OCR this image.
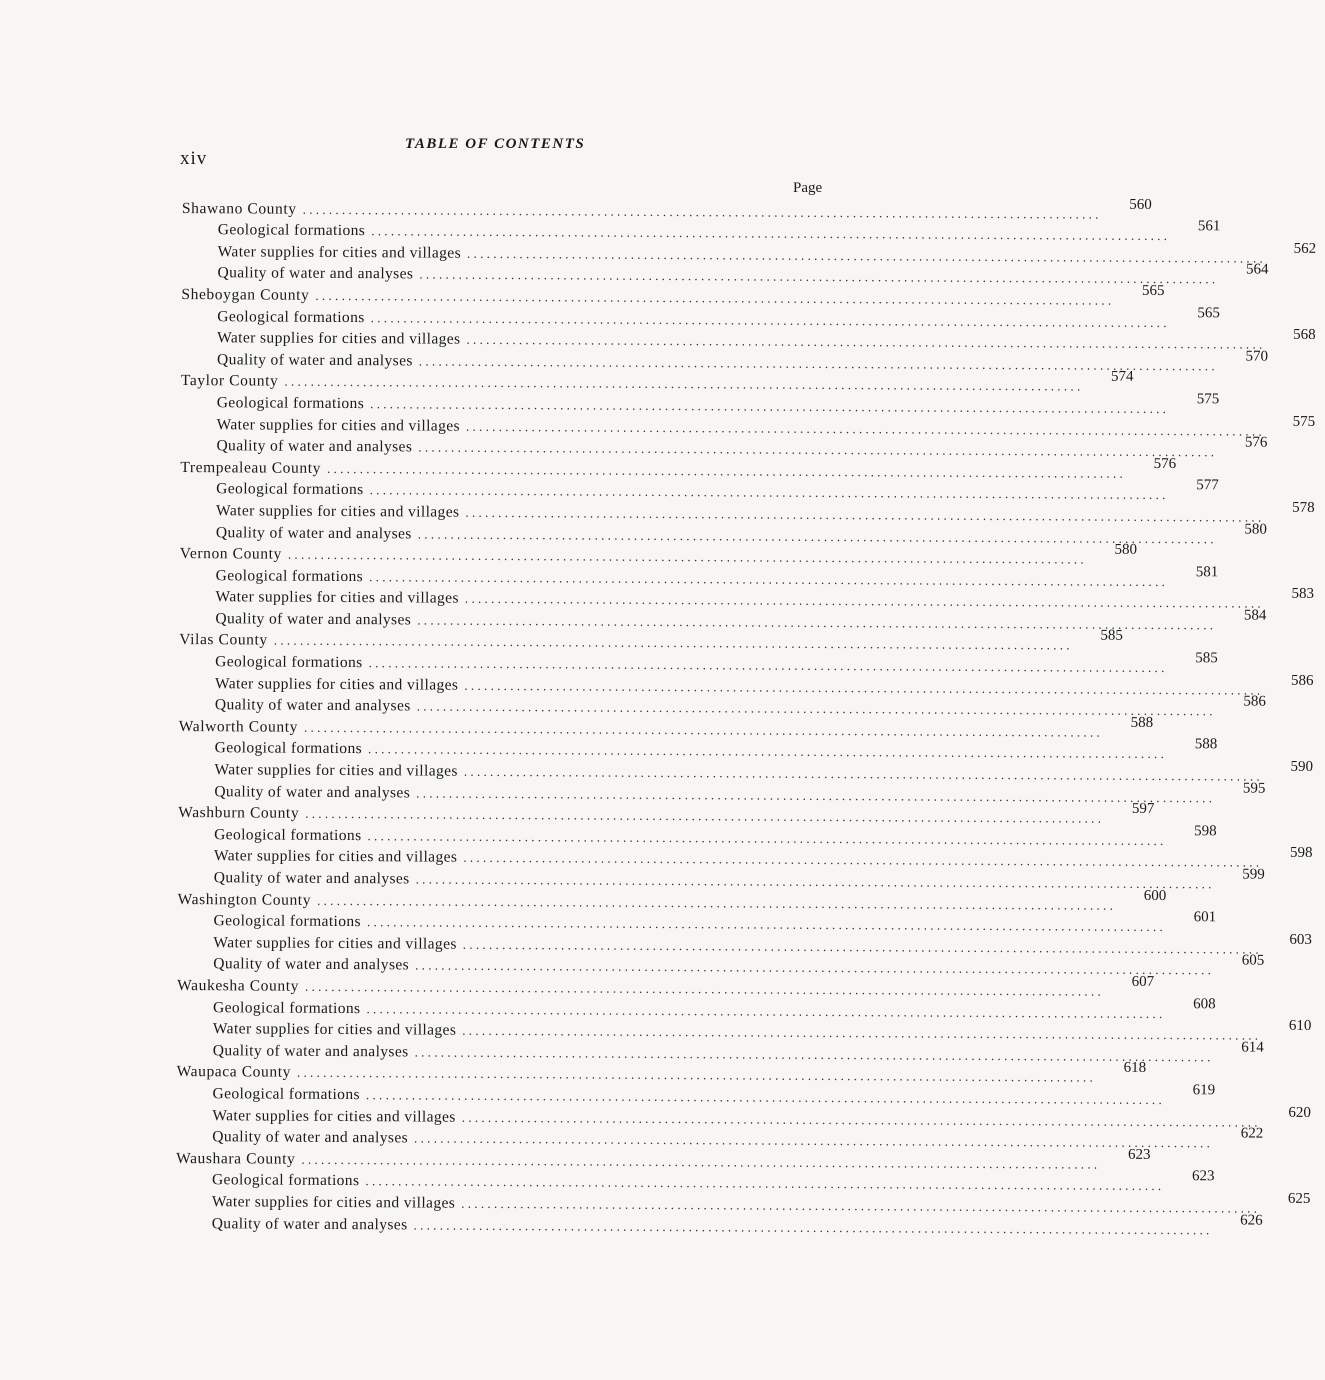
xiv
TABLE OF CONTENTS
Page
Shawano County ..........................................................................................................................	560
Geological formations ..........................................................................................................................	561
Water supplies for cities and villages ..........................................................................................................................	562
Quality of water and analyses ..........................................................................................................................	564
Sheboygan County ..........................................................................................................................	565
Geological formations ..........................................................................................................................	565
Water supplies for cities and villages ..........................................................................................................................	568
Quality of water and analyses ..........................................................................................................................	570
Taylor County ..........................................................................................................................	574
Geological formations ..........................................................................................................................	575
Water supplies for cities and villages ..........................................................................................................................	575
Quality of water and analyses ..........................................................................................................................	576
Trempealeau County ..........................................................................................................................	576
Geological formations ..........................................................................................................................	577
Water supplies for cities and villages ..........................................................................................................................	578
Quality of water and analyses ..........................................................................................................................	580
Vernon County ..........................................................................................................................	580
Geological formations ..........................................................................................................................	581
Water supplies for cities and villages ..........................................................................................................................	583
Quality of water and analyses ..........................................................................................................................	584
Vilas County ..........................................................................................................................	585
Geological formations ..........................................................................................................................	585
Water supplies for cities and villages ..........................................................................................................................	586
Quality of water and analyses ..........................................................................................................................	586
Walworth County ..........................................................................................................................	588
Geological formations ..........................................................................................................................	588
Water supplies for cities and villages ..........................................................................................................................	590
Quality of water and analyses ..........................................................................................................................	595
Washburn County ..........................................................................................................................	597
Geological formations ..........................................................................................................................	598
Water supplies for cities and villages ..........................................................................................................................	598
Quality of water and analyses ..........................................................................................................................	599
Washington County ..........................................................................................................................	600
Geological formations ..........................................................................................................................	601
Water supplies for cities and villages ..........................................................................................................................	603
Quality of water and analyses ..........................................................................................................................	605
Waukesha County ..........................................................................................................................	607
Geological formations ..........................................................................................................................	608
Water supplies for cities and villages ..........................................................................................................................	610
Quality of water and analyses ..........................................................................................................................	614
Waupaca County ..........................................................................................................................	618
Geological formations ..........................................................................................................................	619
Water supplies for cities and villages ..........................................................................................................................	620
Quality of water and analyses ..........................................................................................................................	622
Waushara County ..........................................................................................................................	623
Geological formations ..........................................................................................................................	623
Water supplies for cities and villages ..........................................................................................................................	625
Quality of water and analyses ..........................................................................................................................	626
